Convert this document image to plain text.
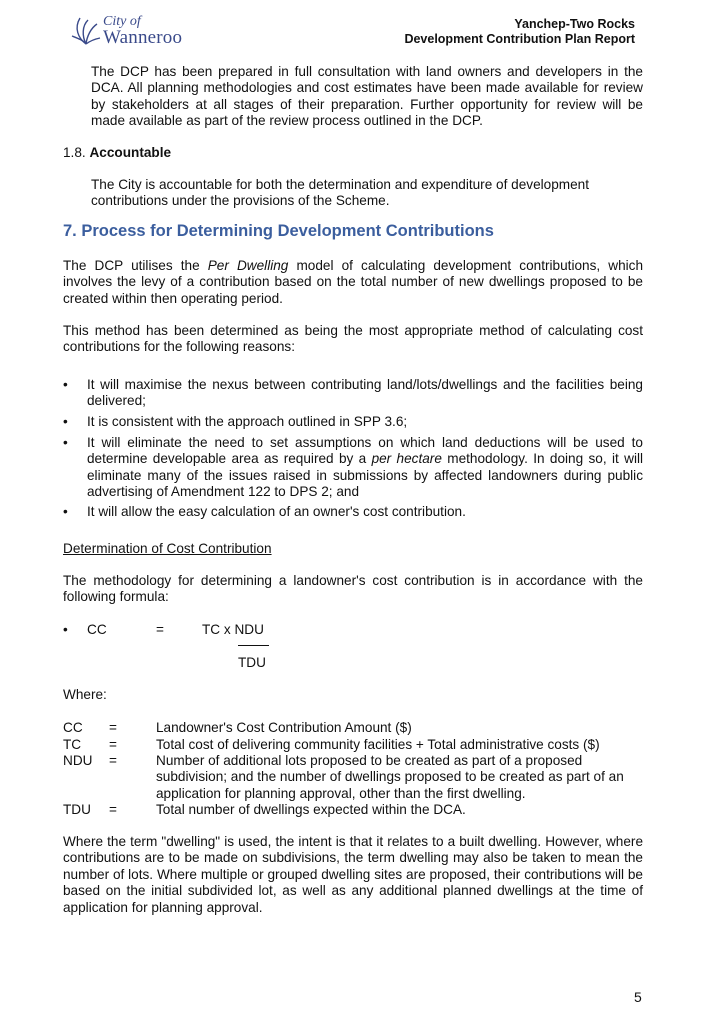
City of
Wanneroo
Yanchep-Two Rocks
Development Contribution Plan Report

The DCP has been prepared in full consultation with land owners and developers in the DCA. All planning methodologies and cost estimates have been made available for review by stakeholders at all stages of their preparation. Further opportunity for review will be made available as part of the review process outlined in the DCP.

1.8. Accountable

The City is accountable for both the determination and expenditure of development contributions under the provisions of the Scheme.

7. Process for Determining Development Contributions

The DCP utilises the Per Dwelling model of calculating development contributions, which involves the levy of a contribution based on the total number of new dwellings proposed to be created within then operating period.

This method has been determined as being the most appropriate method of calculating cost contributions for the following reasons:

• It will maximise the nexus between contributing land/lots/dwellings and the facilities being delivered;

• It is consistent with the approach outlined in SPP 3.6;

• It will eliminate the need to set assumptions on which land deductions will be used to determine developable area as required by a per hectare methodology. In doing so, it will eliminate many of the issues raised in submissions by affected landowners during public advertising of Amendment 122 to DPS 2; and

• It will allow the easy calculation of an owner's cost contribution.

Determination of Cost Contribution

The methodology for determining a landowner's cost contribution is in accordance with the following formula:

• CC	=	TC x NDU
TDU
Where:
CC =	Landowner's Cost Contribution Amount ($)
TC =	Total cost of delivering community facilities + Total administrative costs ($)
NDU =	Number of additional lots proposed to be created as part of a proposed subdivision; and the number of dwellings proposed to be created as part of an application for planning approval, other than the first dwelling.
TDU =	Total number of dwellings expected within the DCA.

Where the term "dwelling" is used, the intent is that it relates to a built dwelling. However, where contributions are to be made on subdivisions, the term dwelling may also be taken to mean the number of lots. Where multiple or grouped dwelling sites are proposed, their contributions will be based on the initial subdivided lot, as well as any additional planned dwellings at the time of application for planning approval.

5
